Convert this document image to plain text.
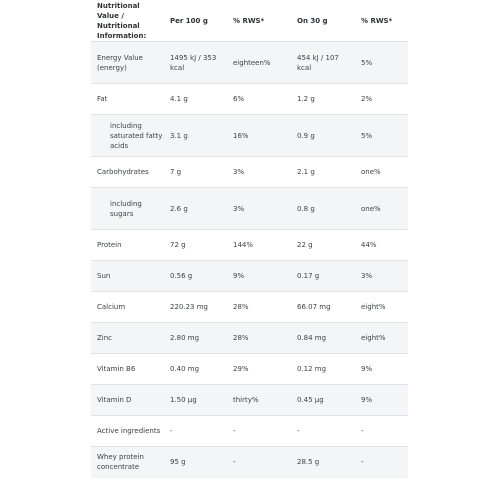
Nutritional Value / Nutritional Information:	Per 100 g	% RWS*	On 30 g	% RWS*
Energy Value (energy)	1495 kJ / 353 kcal	eighteen%	454 kJ / 107 kcal	5%
Fat	4.1 g	6%	1.2 g	2%
including saturated fatty acids	3.1 g	16%	0.9 g	5%
Carbohydrates	7 g	3%	2.1 g	one%
including sugars	2.6 g	3%	0.8 g	one%
Protein	72 g	144%	22 g	44%
Sun	0.56 g	9%	0.17 g	3%
Calcium	220.23 mg	28%	66.07 mg	eight%
Zinc	2.80 mg	28%	0.84 mg	eight%
Vitamin B6	0.40 mg	29%	0.12 mg	9%
Vitamin D	1.50 µg	thirty%	0.45 µg	9%
Active ingredients	-	-	-	-
Whey protein concentrate	95 g	-	28.5 g	-
